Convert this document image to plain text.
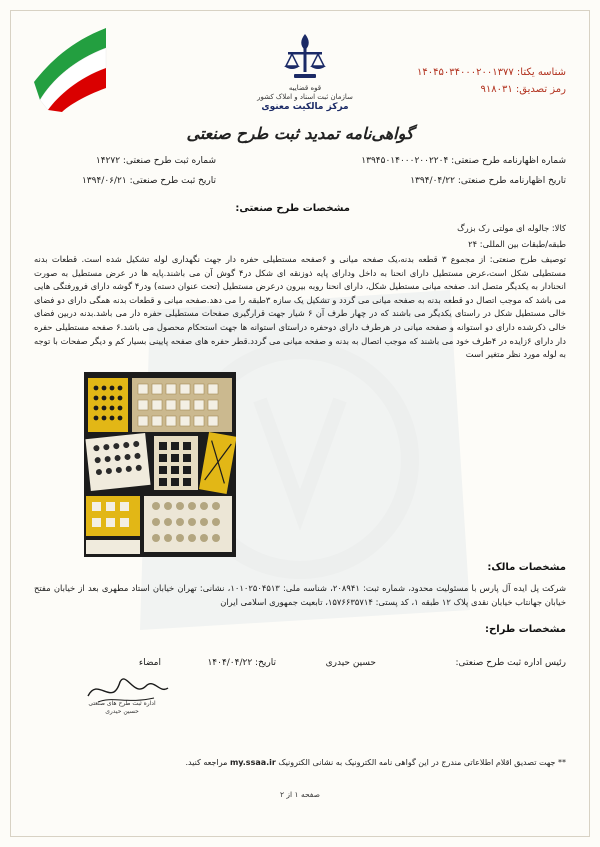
قوه قضاییه
سازمان ثبت اسناد و املاک کشور
مرکز مالکیت معنوی
گواهی‌نامه تمدید ثبت طرح صنعتی
شناسه یکتا: ۱۴۰۴۵۰۳۴۰۰۰۲۰۰۱۳۷۷
رمز تصدیق: ۹۱۸۰۳۱
شماره اظهارنامه طرح صنعتی: ۱۳۹۴۵۰۱۴۰۰۰۲۰۰۲۲۰۴
شماره ثبت طرح صنعتی: ۱۴۲۷۲
تاریخ اظهارنامه طرح صنعتی: ۱۳۹۴/۰۴/۲۲
تاریخ ثبت طرح صنعتی: ۱۳۹۴/۰۶/۲۱
مشخصات طرح صنعتی:
کالا: جالوله ای مولتی رک بزرگ
طبقه/طبقات بین المللی: ۲۴
توصیف طرح صنعتی: از مجموع ۳ قطعه بدنه،یک صفحه میانی و ۶صفحه مستطیلی حفره دار جهت نگهداری لوله تشکیل شده است. قطعات بدنه مستطیلی شکل است،عرض مستطیل دارای انحنا به داخل ودارای پایه ذوزنقه ای شکل در۴ گوش آن می باشند.پایه ها در عرض مستطیل به صورت انحنادار به یکدیگر متصل اند. صفحه میانی مستطیل شکل، دارای انحنا روبه بیرون درعرض مستطیل (تحت عنوان دسته) ودر۴ گوشه دارای فرورفتگی هایی می باشد که موجب اتصال دو قطعه بدنه به صفحه میانی می گردد و تشکیل یک سازه ۳طبقه را می دهد.صفحه میانی و قطعات بدنه همگی دارای دو فضای خالی مستطیل شکل در راستای یکدیگر می باشند که در چهار طرف آن ۶ شیار جهت قرارگیری صفحات مستطیلی حفره دار می باشد.بدنه دربین فضای خالی ذکرشده دارای دو استوانه و صفحه میانی در هرطرف دارای دوحفره دراستای استوانه ها جهت استحکام محصول می باشد.۶ صفحه مستطیلی حفره دار دارای ۶زایده در ۴طرف خود می باشند که موجب اتصال به بدنه و صفحه میانی می گردد.قطر حفره های صفحه پایینی بسیار کم و دیگر صفحات با توجه به لوله مورد نظر متغیر است
مشخصات مالک:
شرکت پل ایده آل پارس با مسئولیت محدود، شماره ثبت: ۲۰۸۹۴۱، شناسه ملی: ۱۰۱۰۲۵۰۴۵۱۳، نشانی: تهران خیابان استاد مطهری بعد از خیابان مفتح خیابان جهانتاب خیابان نقدی پلاک ۱۲ طبقه ۱، کد پستی: ۱۵۷۶۶۳۵۷۱۴، تابعیت جمهوری اسلامی ایران
مشخصات طراح:
رئیس اداره ثبت طرح صنعتی:
حسین حیدری
تاریخ: ۱۴۰۴/۰۴/۲۲
امضاء
اداره ثبت طرح های صنعتی
حسین حیدری
** جهت تصدیق اقلام اطلاعاتی مندرج در این گواهی نامه الکترونیک به نشانی الکترونیک my.ssaa.ir مراجعه کنید.
صفحه ۱ از ۲
